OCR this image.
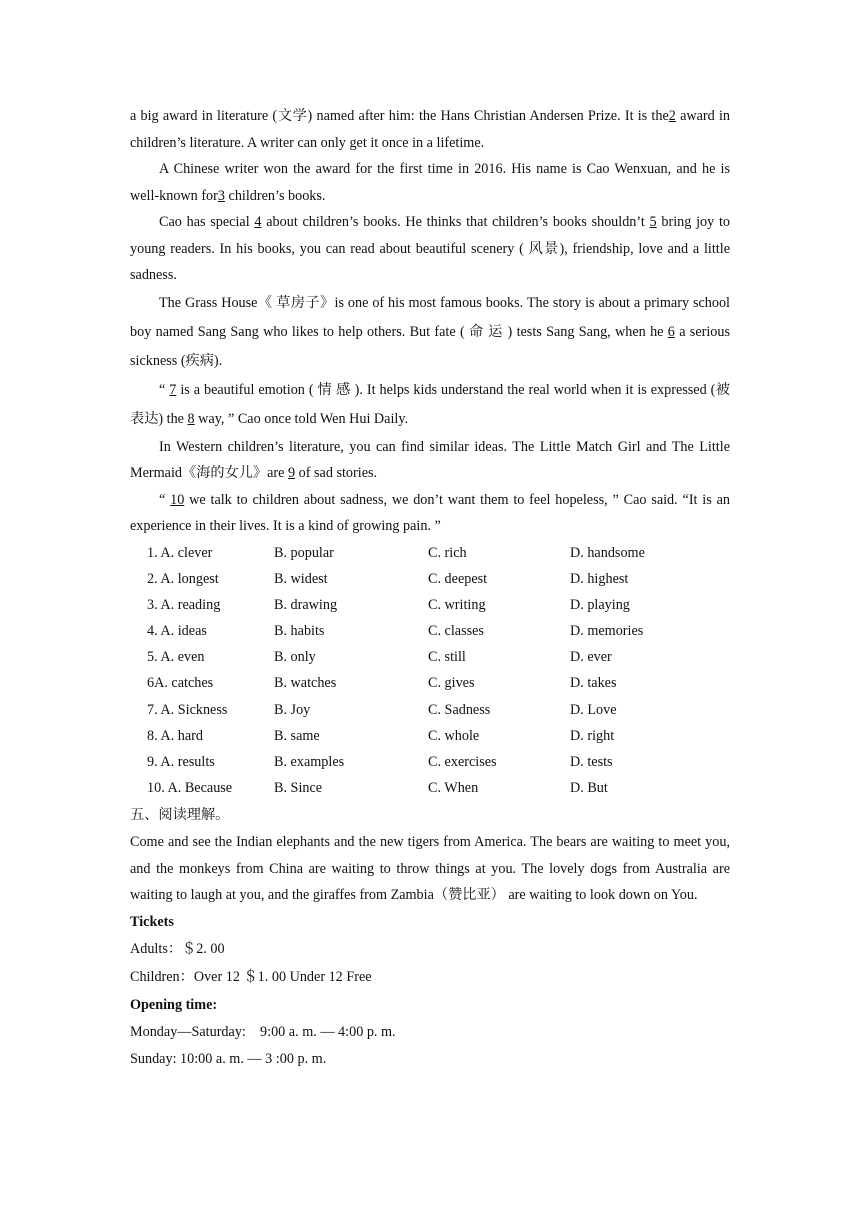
a big award in literature (文学) named after him: the Hans Christian Andersen Prize. It is the2 award in children’s literature. A writer can only get it once in a lifetime.

A Chinese writer won the award for the first time in 2016. His name is Cao Wenxuan, and he is well-known for3 children’s books.

Cao has special 4 about children’s books. He thinks that children’s books shouldn’t 5 bring joy to young readers. In his books, you can read about beautiful scenery ( 风景), friendship, love and a little sadness.

The Grass House《 草房子》is one of his most famous books. The story is about a primary school boy named Sang Sang who likes to help others. But fate ( 命 运 ) tests Sang Sang, when he 6 a serious sickness (疾病).

“ 7 is a beautiful emotion ( 情 感 ). It helps kids understand the real world when it is expressed (被表达) the 8 way, ” Cao once told Wen Hui Daily.

In Western children’s literature, you can find similar ideas. The Little Match Girl and The Little Mermaid《海的女儿》are 9 of sad stories.

“ 10 we talk to children about sadness, we don’t want them to feel hopeless, ” Cao said. “It is an experience in their lives. It is a kind of growing pain. ”

1. A. clever	B. popular	C. rich	D. handsome
2. A. longest	B. widest	C. deepest	D. highest
3. A. reading	B. drawing	C. writing	D. playing
4. A. ideas	B. habits	C. classes	D. memories
5. A. even	B. only	C. still	D. ever
6A. catches	B. watches	C. gives	D. takes
7. A. Sickness	B. Joy	C. Sadness	D. Love
8. A. hard	B. same	C. whole	D. right
9. A. results	B. examples	C. exercises	D. tests
10. A. Because	B. Since	C. When	D. But

五、阅读理解。

Come and see the Indian elephants and the new tigers from America. The bears are waiting to meet you, and the monkeys from China are waiting to throw things at you. The lovely dogs from Australia are waiting to laugh at you, and the giraffes from Zambia（赞比亚） are waiting to look down on You.

Tickets

Adults：＄2. 00

Children：Over 12 ＄1. 00 Under 12 Free

Opening time:

Monday—Saturday:    9:00 a. m. — 4:00 p. m.

Sunday: 10:00 a. m. — 3 :00 p. m.
